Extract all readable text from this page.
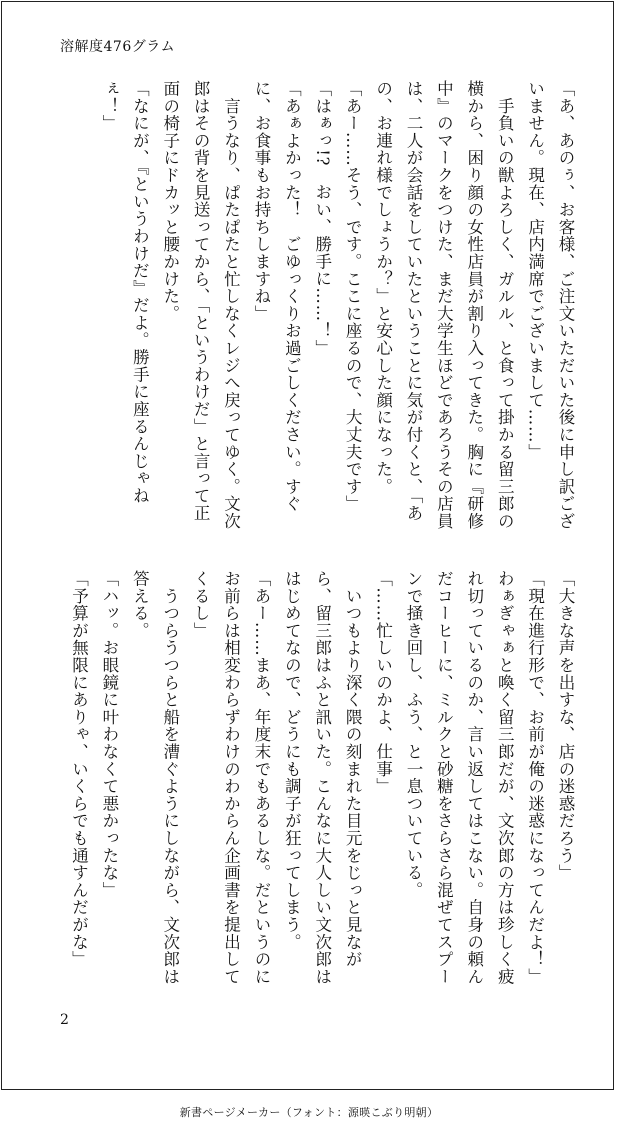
溶解度476グラム
「あ、あのぅ、お客様、ご注文いただいた後に申し訳ございません。現在、店内満席でございまして……」
　手負いの獣よろしく、ガルル、と食って掛かる留三郎の横から、困り顔の女性店員が割り入ってきた。胸に『研修中』のマークをつけた、まだ大学生ほどであろうその店員は、二人が会話をしていたということに気が付くと、「あの、お連れ様でしょうか？」と安心した顔になった。
「あー……そう、です。ここに座るので、大丈夫です」
「はぁっ!?　おい、勝手に……！」
「あぁよかった！　ごゆっくりお過ごしください。すぐに、お食事もお持ちしますね」
　言うなり、ぱたぱたと忙しなくレジへ戻ってゆく。文次郎はその背を見送ってから、「というわけだ」と言って正面の椅子にドカッと腰かけた。
「なにが、『というわけだ』だよ。勝手に座るんじゃねぇ！」
「大きな声を出すな、店の迷惑だろう」
「現在進行形で、お前が俺の迷惑になってんだよ！」
わぁぎゃぁと喚く留三郎だが、文次郎の方は珍しく疲れ切っているのか、言い返してはこない。自身の頼んだコーヒーに、ミルクと砂糖をさらさら混ぜてスプーンで掻き回し、ふう、と一息ついている。
「……忙しいのかよ、仕事」
　いつもより深く隈の刻まれた目元をじっと見ながら、留三郎はふと訊いた。こんなに大人しい文次郎ははじめてなので、どうにも調子が狂ってしまう。
「あー……まあ、年度末でもあるしな。だというのにお前らは相変わらずわけのわからん企画書を提出してくるし」
　うつらうつらと船を漕ぐようにしながら、文次郎は答える。
「ハッ。お眼鏡に叶わなくて悪かったな」
「予算が無限にありゃ、いくらでも通すんだがな」
2
新書ページメーカー（フォント：源暎こぶり明朝）
